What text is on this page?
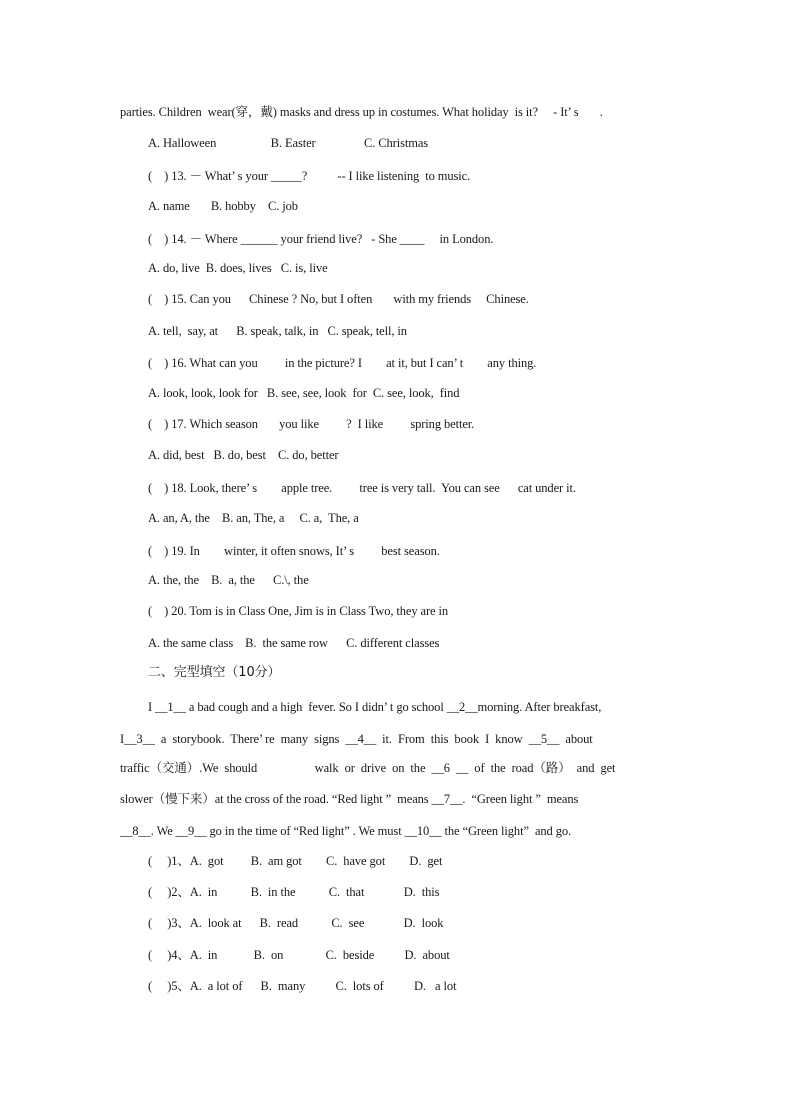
parties. Children  wear(穿，戴) masks and dress up in costumes. What holiday  is it?     - It’ s       .
A. Halloween                  B. Easter                C. Christmas
(    ) 13. － What’ s your _____?          -- I like listening  to music.
A. name       B. hobby    C. job
(    ) 14. － Where ______ your friend live?   - She ____     in London.
A. do, live  B. does, lives   C. is, live
(    ) 15. Can you      Chinese ? No, but I often       with my friends     Chinese.
A. tell,  say, at      B. speak, talk, in   C. speak, tell, in
(    ) 16. What can you         in the picture? I        at it, but I can’ t        any thing.
A. look, look, look for   B. see, see, look  for  C. see, look,  find
(    ) 17. Which season       you like         ?  I like         spring better.
A. did, best   B. do, best    C. do, better
(    ) 18. Look, there’ s        apple tree.         tree is very tall.  You can see      cat under it.
A. an, A, the    B. an, The, a     C. a,  The, a
(    ) 19. In        winter, it often snows, It’ s         best season.
A. the, the    B.  a, the      C.\, the
(    ) 20. Tom is in Class One, Jim is in Class Two, they are in
A. the same class    B.  the same row      C. different classes
二、完型填空（10分）
I __1__ a bad cough and a high  fever. So I didn’ t go school __2__morning. After breakfast,
I__3__  a  storybook.  There’ re  many  signs  __4__  it.  From  this  book  I  know  __5__  about
traffic（交通）.We  should                   walk  or  drive  on  the  __6  __  of  the  road（路）  and  get
slower（慢下来）at the cross of the road. “Red light ”  means __7__.  “Green light ”  means
__8__. We __9__ go in the time of “Red light” . We must __10__ the “Green light”  and go.
(     )1、A.  got         B.  am got        C.  have got        D.  get
(     )2、A.  in           B.  in the           C.  that             D.  this
(     )3、A.  look at      B.  read           C.  see             D.  look
(     )4、A.  in            B.  on              C.  beside          D.  about
(     )5、A.  a lot of      B.  many          C.  lots of          D.   a lot
